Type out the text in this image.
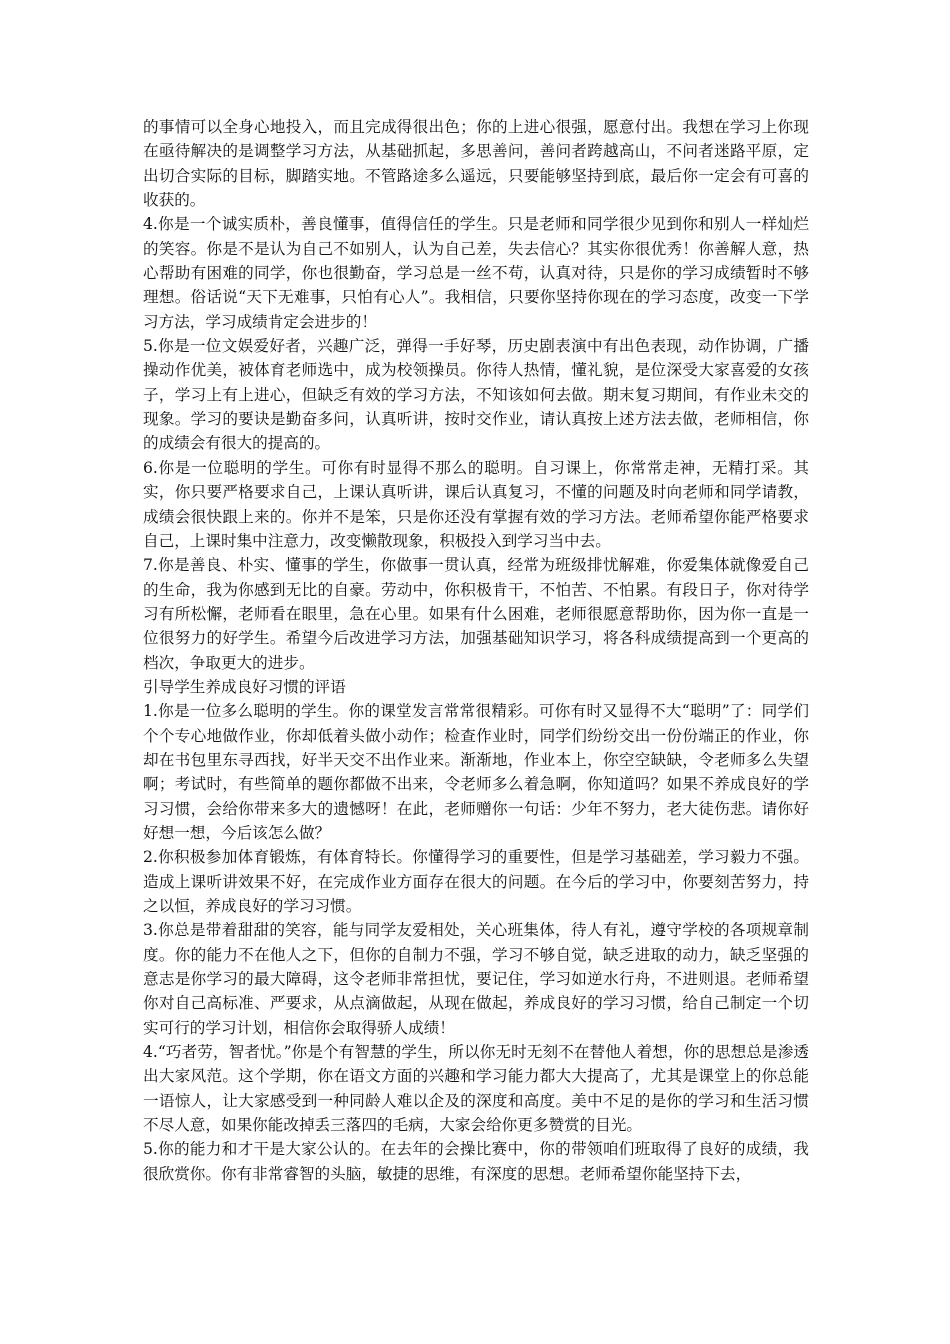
的事情可以全身心地投入，而且完成得很出色；你的上进心很强，愿意付出。我想在学习上你现在亟待解决的是调整学习方法，从基础抓起，多思善问，善问者跨越高山，不问者迷路平原，定出切合实际的目标，脚踏实地。不管路途多么遥远，只要能够坚持到底，最后你一定会有可喜的收获的。

4.你是一个诚实质朴，善良懂事，值得信任的学生。只是老师和同学很少见到你和别人一样灿烂的笑容。你是不是认为自己不如别人，认为自己差，失去信心？其实你很优秀！你善解人意，热心帮助有困难的同学，你也很勤奋，学习总是一丝不苟，认真对待，只是你的学习成绩暂时不够理想。俗话说“天下无难事，只怕有心人”。我相信，只要你坚持你现在的学习态度，改变一下学习方法，学习成绩肯定会进步的！

5.你是一位文娱爱好者，兴趣广泛，弹得一手好琴，历史剧表演中有出色表现，动作协调，广播操动作优美，被体育老师选中，成为校领操员。你待人热情，懂礼貌，是位深受大家喜爱的女孩子，学习上有上进心，但缺乏有效的学习方法，不知该如何去做。期末复习期间，有作业未交的现象。学习的要诀是勤奋多问，认真听讲，按时交作业，请认真按上述方法去做，老师相信，你的成绩会有很大的提高的。

6.你是一位聪明的学生。可你有时显得不那么的聪明。自习课上，你常常走神，无精打采。其实，你只要严格要求自己，上课认真听讲，课后认真复习，不懂的问题及时向老师和同学请教，成绩会很快跟上来的。你并不是笨，只是你还没有掌握有效的学习方法。老师希望你能严格要求自己，上课时集中注意力，改变懒散现象，积极投入到学习当中去。

7.你是善良、朴实、懂事的学生，你做事一贯认真，经常为班级排忧解难，你爱集体就像爱自己的生命，我为你感到无比的自豪。劳动中，你积极肯干，不怕苦、不怕累。有段日子，你对待学习有所松懈，老师看在眼里，急在心里。如果有什么困难，老师很愿意帮助你，因为你一直是一位很努力的好学生。希望今后改进学习方法，加强基础知识学习，将各科成绩提高到一个更高的档次，争取更大的进步。

引导学生养成良好习惯的评语

1.你是一位多么聪明的学生。你的课堂发言常常很精彩。可你有时又显得不大“聪明”了：同学们个个专心地做作业，你却低着头做小动作；检查作业时，同学们纷纷交出一份份端正的作业，你却在书包里东寻西找，好半天交不出作业来。渐渐地，作业本上，你空空缺缺，令老师多么失望啊；考试时，有些简单的题你都做不出来，令老师多么着急啊，你知道吗？如果不养成良好的学习习惯，会给你带来多大的遗憾呀！在此，老师赠你一句话：少年不努力，老大徒伤悲。请你好好想一想，今后该怎么做？

2.你积极参加体育锻炼，有体育特长。你懂得学习的重要性，但是学习基础差，学习毅力不强。造成上课听讲效果不好，在完成作业方面存在很大的问题。在今后的学习中，你要刻苦努力，持之以恒，养成良好的学习习惯。

3.你总是带着甜甜的笑容，能与同学友爱相处，关心班集体，待人有礼，遵守学校的各项规章制度。你的能力不在他人之下，但你的自制力不强，学习不够自觉，缺乏进取的动力，缺乏坚强的意志是你学习的最大障碍，这令老师非常担忧，要记住，学习如逆水行舟，不进则退。老师希望你对自己高标准、严要求，从点滴做起，从现在做起，养成良好的学习习惯，给自己制定一个切实可行的学习计划，相信你会取得骄人成绩！

4.“巧者劳，智者忧。”你是个有智慧的学生，所以你无时无刻不在替他人着想，你的思想总是渗透出大家风范。这个学期，你在语文方面的兴趣和学习能力都大大提高了，尤其是课堂上的你总能一语惊人，让大家感受到一种同龄人难以企及的深度和高度。美中不足的是你的学习和生活习惯不尽人意，如果你能改掉丢三落四的毛病，大家会给你更多赞赏的目光。

5.你的能力和才干是大家公认的。在去年的会操比赛中，你的带领咱们班取得了良好的成绩，我很欣赏你。你有非常睿智的头脑，敏捷的思维，有深度的思想。老师希望你能坚持下去，
